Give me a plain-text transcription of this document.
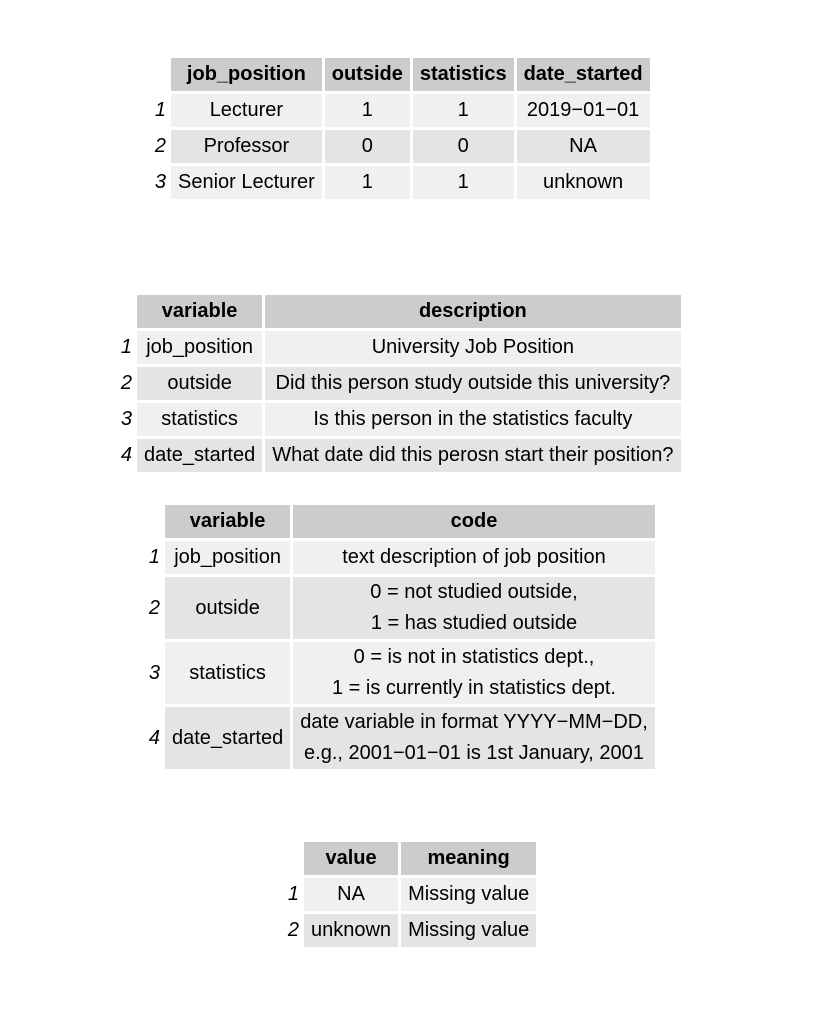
	job_position	outside	statistics	date_started
1	Lecturer	1	1	2019−01−01
2	Professor	0	0	NA
3	Senior Lecturer	1	1	unknown
	variable	description
1	job_position	University Job Position
2	outside	Did this person study outside this university?
3	statistics	Is this person in the statistics faculty
4	date_started	What date did this perosn start their position?
	variable	code
1	job_position	text description of job position

2	outside	0 = not studied outside,
1 = has studied outside

3	statistics	0 = is not in statistics dept.,
1 = is currently in statistics dept.

4	date_started	date variable in format YYYY−MM−DD,
e.g., 2001−01−01 is 1st January, 2001
	value	meaning
1	NA	Missing value
2	unknown	Missing value
